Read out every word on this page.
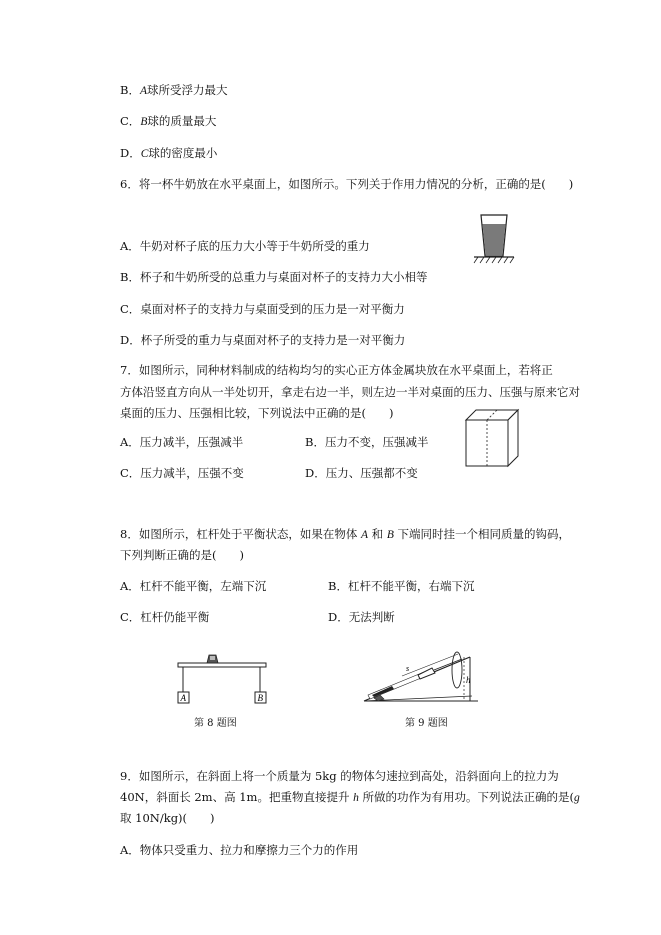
B．A球所受浮力最大
C．B球的质量最大
D．C球的密度最小
6．将一杯牛奶放在水平桌面上，如图所示。下列关于作用力情况的分析，正确的是(　　)
A．牛奶对杯子底的压力大小等于牛奶所受的重力
B．杯子和牛奶所受的总重力与桌面对杯子的支持力大小相等
C．桌面对杯子的支持力与桌面受到的压力是一对平衡力
D．杯子所受的重力与桌面对杯子的支持力是一对平衡力
7．如图所示，同种材料制成的结构均匀的实心正方体金属块放在水平桌面上，若将正
方体沿竖直方向从一半处切开，拿走右边一半，则左边一半对桌面的压力、压强与原来它对
桌面的压力、压强相比较，下列说法中正确的是(　　)
A．压力减半，压强减半	B．压力不变，压强减半
C．压力减半，压强不变	D．压力、压强都不变
8．如图所示，杠杆处于平衡状态，如果在物体 A 和 B 下端同时挂一个相同质量的钩码，
下列判断正确的是(　　)
A．杠杆不能平衡，左端下沉	B．杠杆不能平衡，右端下沉
C．杠杆仍能平衡	D．无法判断
A	B
第 8 题图
s
h
第 9 题图
9．如图所示，在斜面上将一个质量为 5kg 的物体匀速拉到高处，沿斜面向上的拉力为
40N，斜面长 2m、高 1m。把重物直接提升 h 所做的功作为有用功。下列说法正确的是(g
取 10N/kg)(　　)
A．物体只受重力、拉力和摩擦力三个力的作用
